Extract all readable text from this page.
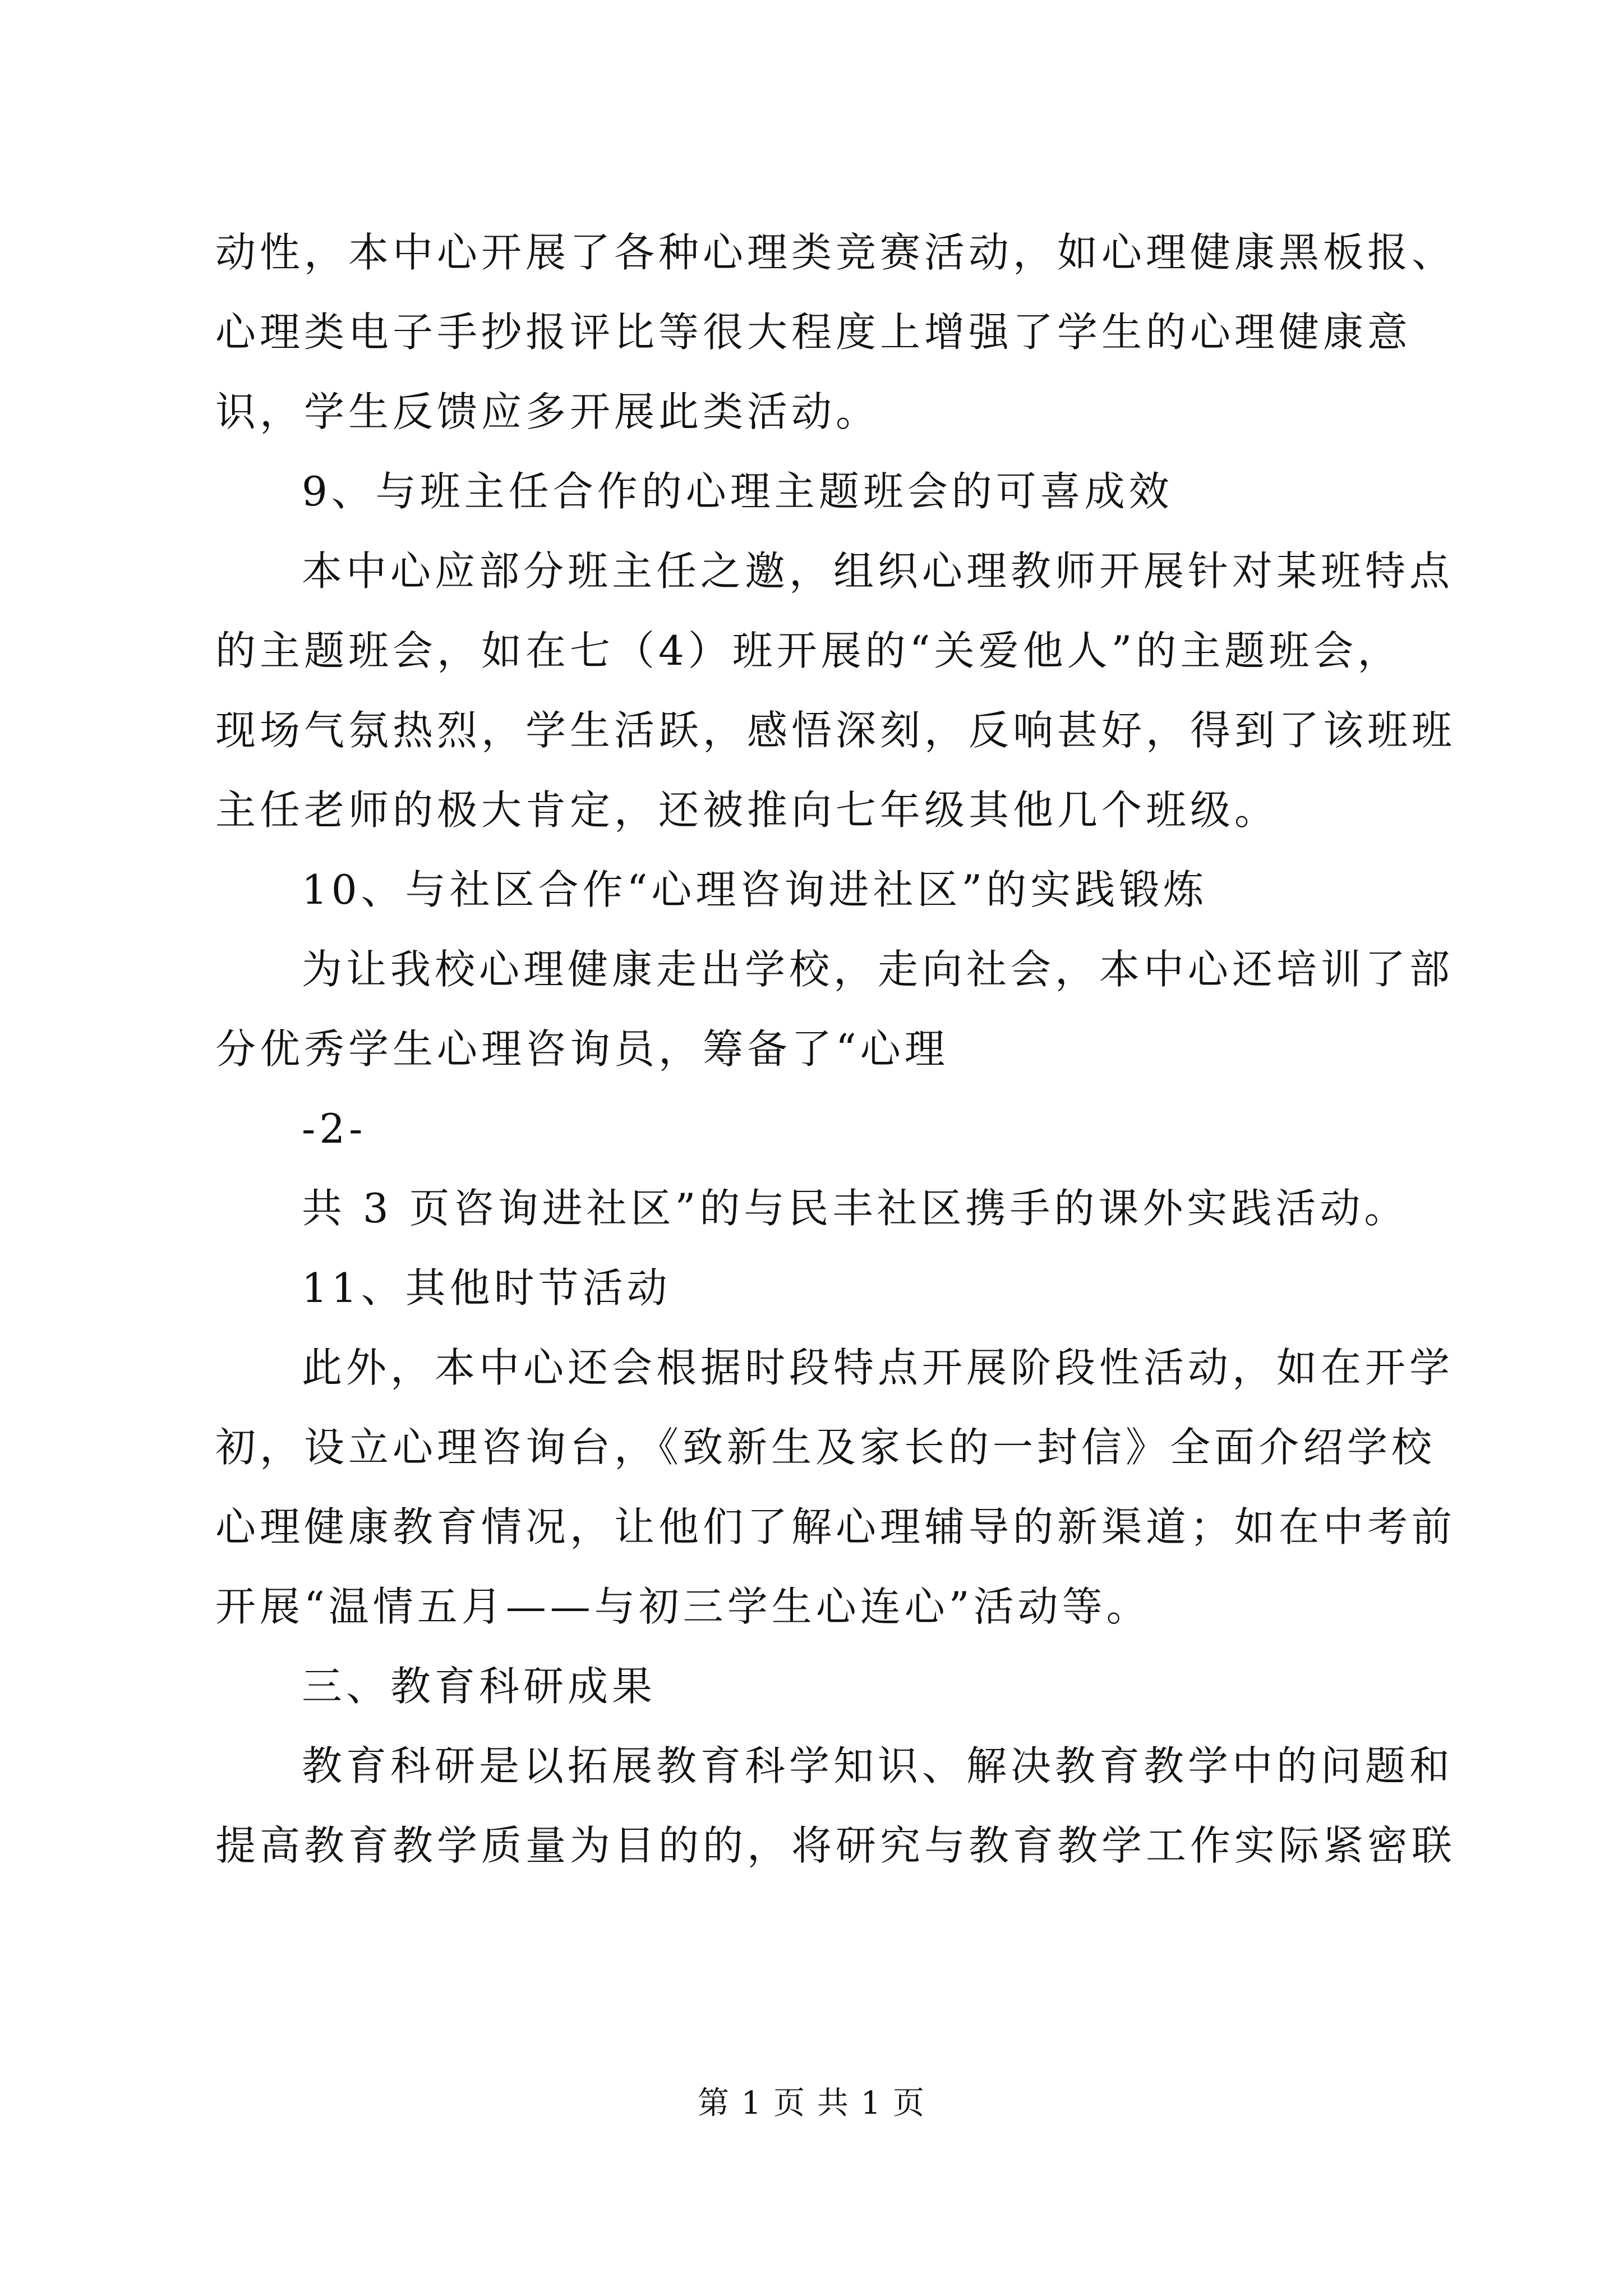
动性，本中心开展了各种心理类竞赛活动，如心理健康黑板报、
心理类电子手抄报评比等很大程度上增强了学生的心理健康意
识，学生反馈应多开展此类活动。
9、与班主任合作的心理主题班会的可喜成效
本中心应部分班主任之邀，组织心理教师开展针对某班特点
的主题班会，如在七（4）班开展的“关爱他人”的主题班会，
现场气氛热烈，学生活跃，感悟深刻，反响甚好，得到了该班班
主任老师的极大肯定，还被推向七年级其他几个班级。
10、与社区合作“心理咨询进社区”的实践锻炼
为让我校心理健康走出学校，走向社会，本中心还培训了部
分优秀学生心理咨询员，筹备了“心理
-2-
共 3 页咨询进社区”的与民丰社区携手的课外实践活动。
11、其他时节活动
此外，本中心还会根据时段特点开展阶段性活动，如在开学
初，设立心理咨询台，《致新生及家长的一封信》全面介绍学校
心理健康教育情况，让他们了解心理辅导的新渠道；如在中考前
开展“温情五月——与初三学生心连心”活动等。
三、教育科研成果
教育科研是以拓展教育科学知识、解决教育教学中的问题和
提高教育教学质量为目的的，将研究与教育教学工作实际紧密联
第 1 页 共 1 页
